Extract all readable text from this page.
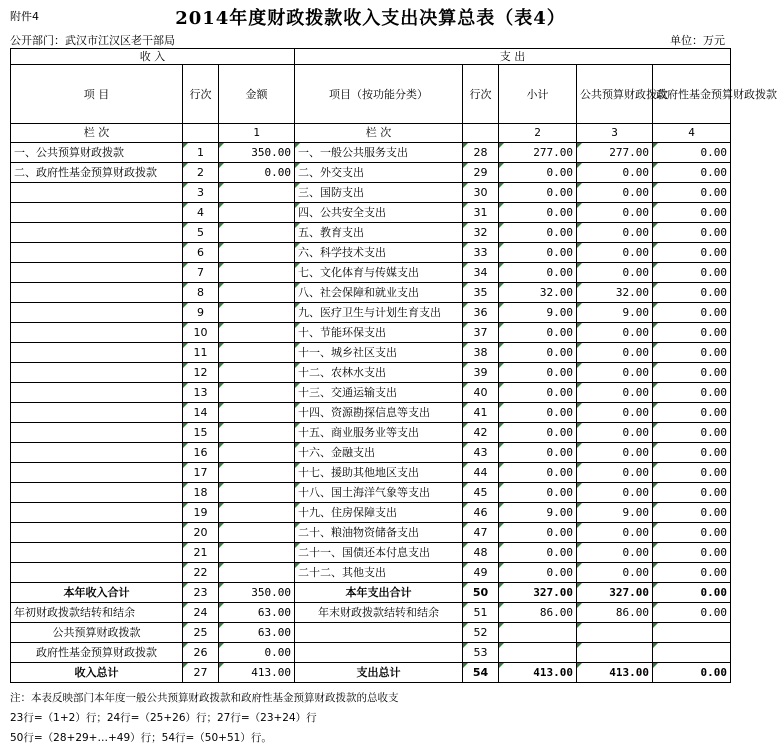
附件4	2014年度财政拨款收入支出决算总表（表4）
公开部门：武汉市江汉区老干部局	单位：万元
收 入			支 出				
项 目	行次	金额	项目（按功能分类）	行次	小计	公共预算财政拨款	政府性基金预算财政拨款
栏 次		1	栏 次		2	3	4
一、公共预算财政拨款	1	350.00	一、一般公共服务支出	28	277.00	277.00	0.00
二、政府性基金预算财政拨款	2	0.00	二、外交支出	29	0.00	0.00	0.00
	3		三、国防支出	30	0.00	0.00	0.00
	4		四、公共安全支出	31	0.00	0.00	0.00
	5		五、教育支出	32	0.00	0.00	0.00
	6		六、科学技术支出	33	0.00	0.00	0.00
	7		七、文化体育与传媒支出	34	0.00	0.00	0.00
	8		八、社会保障和就业支出	35	32.00	32.00	0.00
	9		九、医疗卫生与计划生育支出	36	9.00	9.00	0.00
	10		十、节能环保支出	37	0.00	0.00	0.00
	11		十一、城乡社区支出	38	0.00	0.00	0.00
	12		十二、农林水支出	39	0.00	0.00	0.00
	13		十三、交通运输支出	40	0.00	0.00	0.00
	14		十四、资源勘探信息等支出	41	0.00	0.00	0.00
	15		十五、商业服务业等支出	42	0.00	0.00	0.00
	16		十六、金融支出	43	0.00	0.00	0.00
	17		十七、援助其他地区支出	44	0.00	0.00	0.00
	18		十八、国土海洋气象等支出	45	0.00	0.00	0.00
	19		十九、住房保障支出	46	9.00	9.00	0.00
	20		二十、粮油物资储备支出	47	0.00	0.00	0.00
	21		二十一、国债还本付息支出	48	0.00	0.00	0.00
	22		二十二、其他支出	49	0.00	0.00	0.00
本年收入合计	23	350.00	本年支出合计	50	327.00	327.00	0.00
年初财政拨款结转和结余	24	63.00	年末财政拨款结转和结余	51	86.00	86.00	0.00
公共预算财政拨款	25	63.00		52			
政府性基金预算财政拨款	26	0.00		53			
收入总计	27	413.00	支出总计	54	413.00	413.00	0.00
注：本表反映部门本年度一般公共预算财政拨款和政府性基金预算财政拨款的总收支
23行=（1+2）行；24行=（25+26）行；27行=（23+24）行
50行=（28+29+…+49）行；54行=（50+51）行。
